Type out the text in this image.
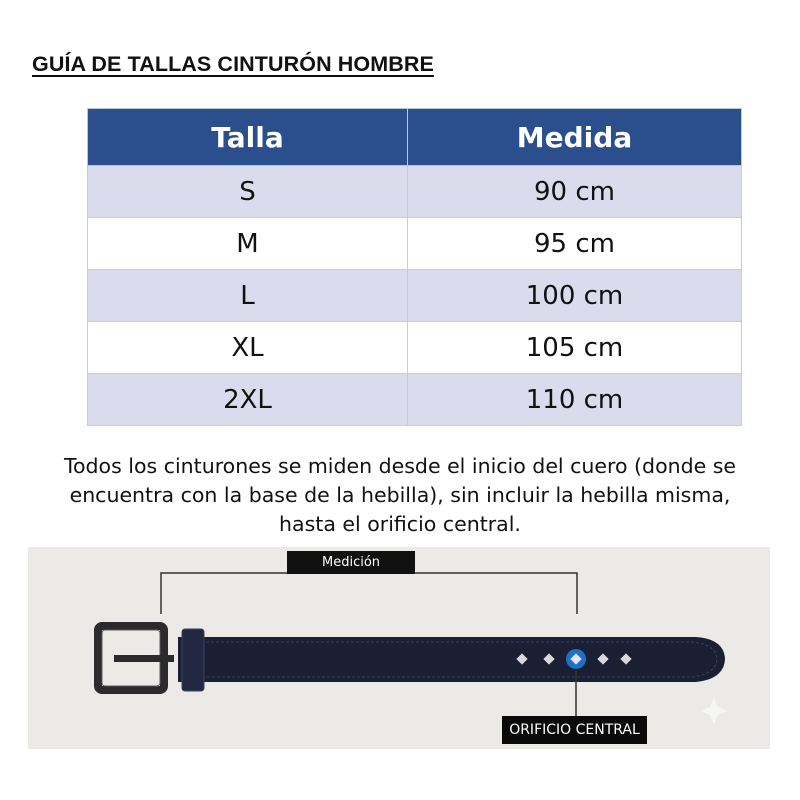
GUÍA DE TALLAS CINTURÓN HOMBRE
Talla	Medida
S	90 cm
M	95 cm
L	100 cm
XL	105 cm
2XL	110 cm
Todos los cinturones se miden desde el inicio del cuero (donde se encuentra con la base de la hebilla), sin incluir la hebilla misma, hasta el orificio central.
Medición
ORIFICIO CENTRAL
